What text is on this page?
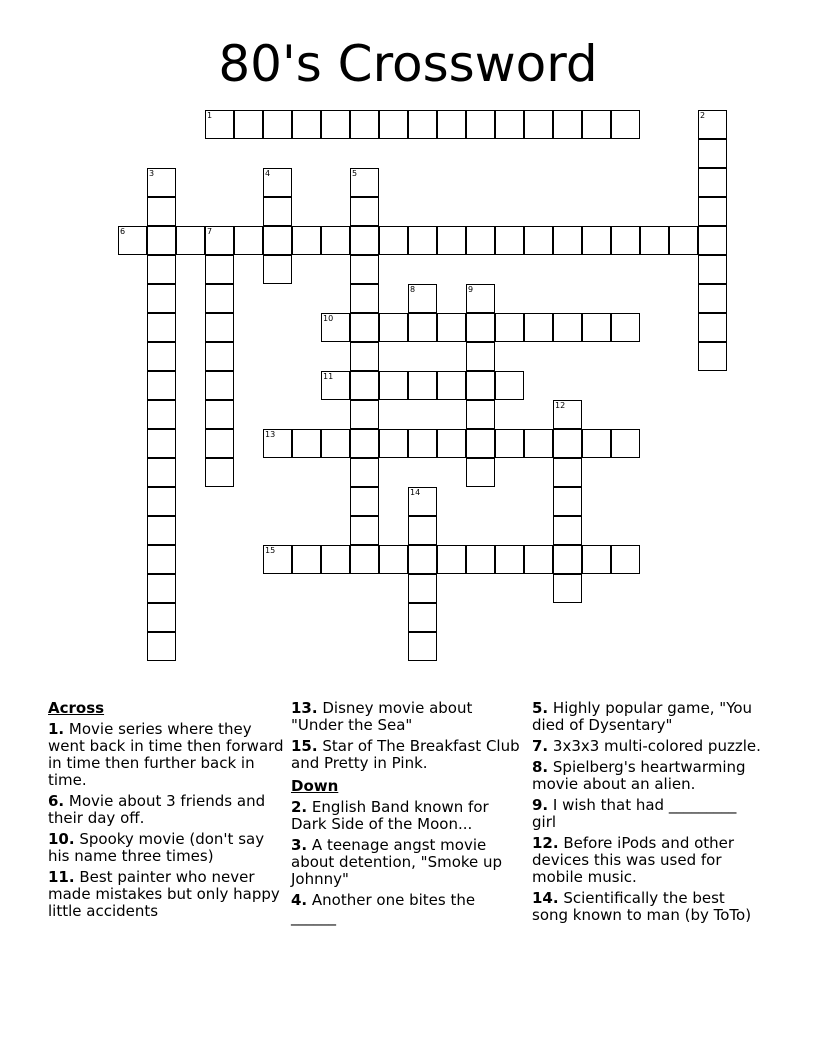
80's Crossword
1	2
3	4	5
6	7
8	9
10
11
12
13
14
15
Across
1. Movie series where they went back in time then forward in time then further back in time.
6. Movie about 3 friends and their day off.
10. Spooky movie (don't say his name three times)
11. Best painter who never made mistakes but only happy little accidents
13. Disney movie about "Under the Sea"
15. Star of The Breakfast Club and Pretty in Pink.
Down
2. English Band known for Dark Side of the Moon...
3. A teenage angst movie about detention, "Smoke up Johnny"
4. Another one bites the ______
5. Highly popular game, "You died of Dysentary"
7. 3x3x3 multi-colored puzzle.
8. Spielberg's heartwarming movie about an alien.
9. I wish that had _________ girl
12. Before iPods and other devices this was used for mobile music.
14. Scientifically the best song known to man (by ToTo)
